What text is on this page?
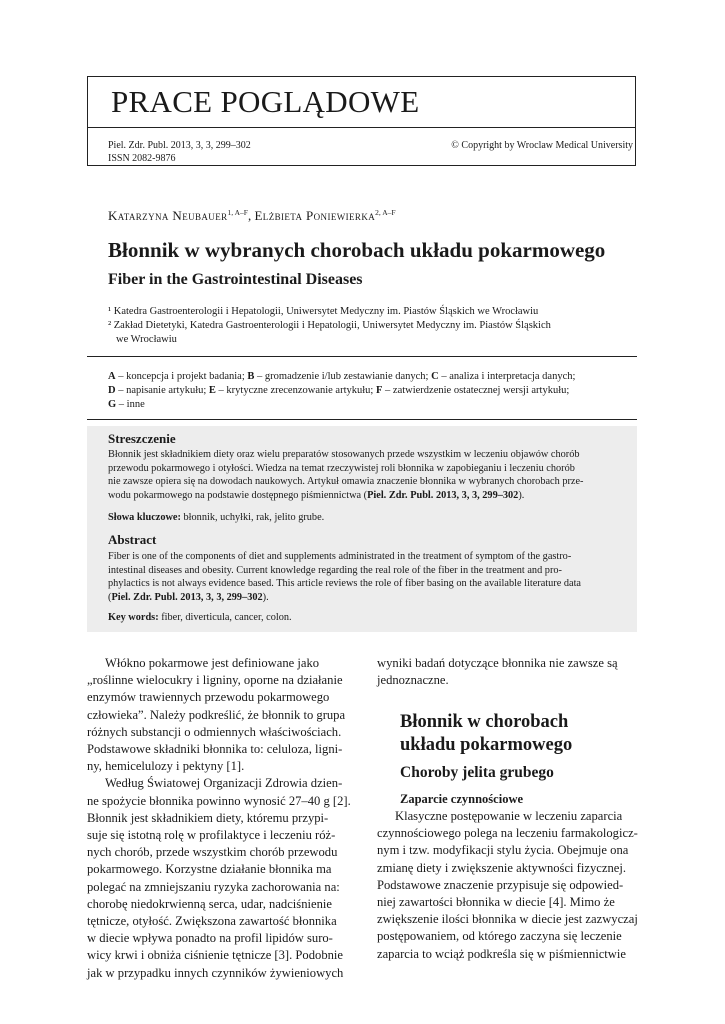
PRACE POGLĄDOWE
Piel. Zdr. Publ. 2013, 3, 3, 299–302
ISSN 2082-9876
© Copyright by Wroclaw Medical University
Katarzyna Neubauer$^{1, A-F}$, Elżbieta Poniewierka$^{2, A-F}$
Błonnik w wybranych chorobach układu pokarmowego
Fiber in the Gastrointestinal Diseases

¹ Katedra Gastroenterologii i Hepatologii, Uniwersytet Medyczny im. Piastów Śląskich we Wrocławiu

² Zakład Dietetyki, Katedra Gastroenterologii i Hepatologii, Uniwersytet Medyczny im. Piastów Śląskich

we Wrocławiu

A – koncepcja i projekt badania; B – gromadzenie i/lub zestawianie danych; C – analiza i interpretacja danych;

D – napisanie artykułu; E – krytyczne zrecenzowanie artykułu; F – zatwierdzenie ostatecznej wersji artykułu;

G – inne

Streszczenie

Błonnik jest składnikiem diety oraz wielu preparatów stosowanych przede wszystkim w leczeniu objawów chorób

przewodu pokarmowego i otyłości. Wiedza na temat rzeczywistej roli błonnika w zapobieganiu i leczeniu chorób

nie zawsze opiera się na dowodach naukowych. Artykuł omawia znaczenie błonnika w wybranych chorobach prze-

wodu pokarmowego na podstawie dostępnego piśmiennictwa (Piel. Zdr. Publ. 2013, 3, 3, 299–302).

Słowa kluczowe: błonnik, uchyłki, rak, jelito grube.

Abstract

Fiber is one of the components of diet and supplements administrated in the treatment of symptom of the gastro-

intestinal diseases and obesity. Current knowledge regarding the real role of the fiber in the treatment and pro-

phylactics is not always evidence based. This article reviews the role of fiber basing on the available literature data

(Piel. Zdr. Publ. 2013, 3, 3, 299–302).

Key words: fiber, diverticula, cancer, colon.

Włókno pokarmowe jest definiowane jako

„roślinne wielocukry i ligniny, oporne na działanie

enzymów trawiennych przewodu pokarmowego

człowieka”. Należy podkreślić, że błonnik to grupa

różnych substancji o odmiennych właściwościach.

Podstawowe składniki błonnika to: celuloza, ligni-

ny, hemicelulozy i pektyny [1].

Według Światowej Organizacji Zdrowia dzien-

ne spożycie błonnika powinno wynosić 27–40 g [2].

Błonnik jest składnikiem diety, któremu przypi-

suje się istotną rolę w profilaktyce i leczeniu róż-

nych chorób, przede wszystkim chorób przewodu

pokarmowego. Korzystne działanie błonnika ma

polegać na zmniejszaniu ryzyka zachorowania na:

chorobę niedokrwienną serca, udar, nadciśnienie

tętnicze, otyłość. Zwiększona zawartość błonnika

w diecie wpływa ponadto na profil lipidów suro-

wicy krwi i obniża ciśnienie tętnicze [3]. Podobnie

jak w przypadku innych czynników żywieniowych

wyniki badań dotyczące błonnika nie zawsze są

jednoznaczne.

Błonnik w chorobach
układu pokarmowego
Choroby jelita grubego
Zaparcie czynnościowe

Klasyczne postępowanie w leczeniu zaparcia

czynnościowego polega na leczeniu farmakologicz-

nym i tzw. modyfikacji stylu życia. Obejmuje ona

zmianę diety i zwiększenie aktywności fizycznej.

Podstawowe znaczenie przypisuje się odpowied-

niej zawartości błonnika w diecie [4]. Mimo że

zwiększenie ilości błonnika w diecie jest zazwyczaj

postępowaniem, od którego zaczyna się leczenie

zaparcia to wciąż podkreśla się w piśmiennictwie
